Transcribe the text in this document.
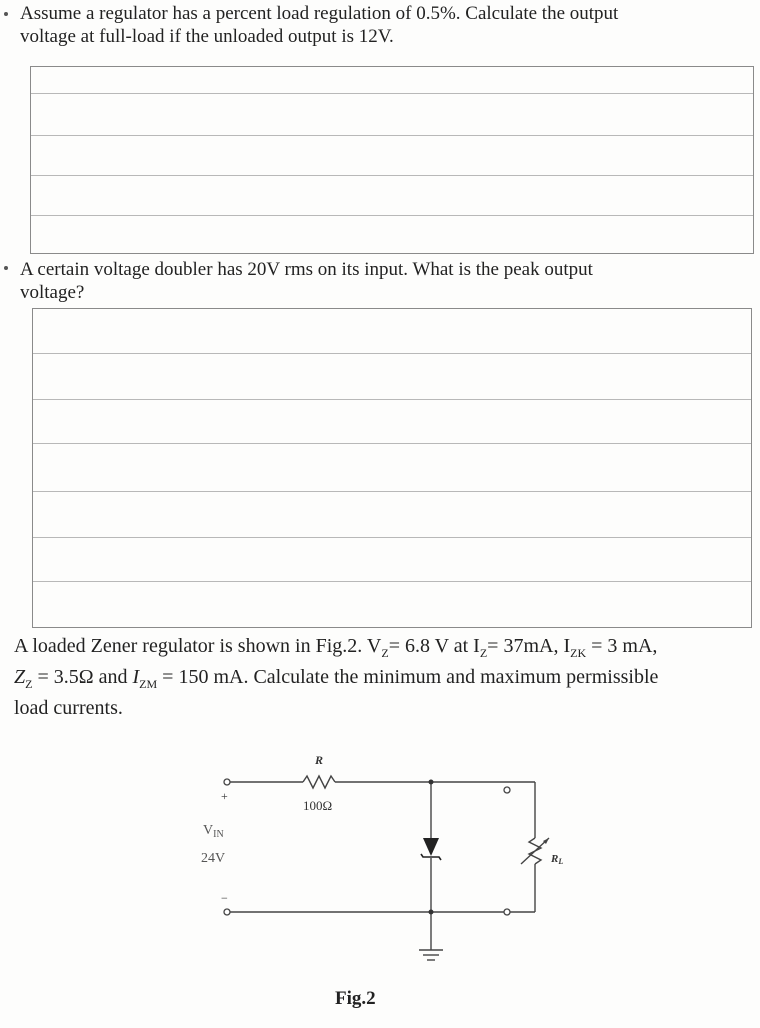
Assume a regulator has a percent load regulation of 0.5%. Calculate the output

voltage at full-load if the unloaded output is 12V.

A certain voltage doubler has 20V rms on its input. What is the peak output

voltage?

A loaded Zener regulator is shown in Fig.2. $V_Z= 6.8$ V at $I_Z= 37mA$, $I_{ZK} = 3$ mA,

$Z_Z = 3.5\Omega$ and $I_{ZM} = 150$ mA. Calculate the minimum and maximum permissible

load currents.

R
100Ω
+
−
$V_{IN}$
24V	RL
Fig.2
